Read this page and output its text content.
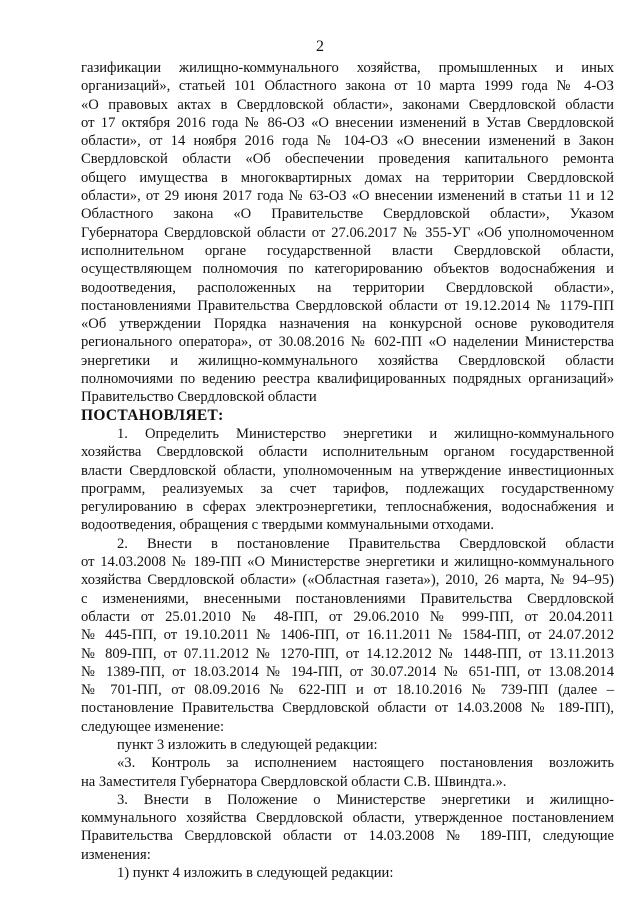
2
газификации жилищно-коммунального хозяйства, промышленных и иных
организаций», статьей 101 Областного закона от 10 марта 1999 года № 4-ОЗ
«О правовых актах в Свердловской области», законами Свердловской области
от 17 октября 2016 года № 86-ОЗ «О внесении изменений в Устав Свердловской
области», от 14 ноября 2016 года № 104-ОЗ «О внесении изменений в Закон
Свердловской области «Об обеспечении проведения капитального ремонта
общего имущества в многоквартирных домах на территории Свердловской
области», от 29 июня 2017 года № 63-ОЗ «О внесении изменений в статьи 11 и 12
Областного закона «О Правительстве Свердловской области», Указом
Губернатора Свердловской области от 27.06.2017 № 355-УГ «Об уполномоченном
исполнительном органе государственной власти Свердловской области,
осуществляющем полномочия по категорированию объектов водоснабжения и
водоотведения, расположенных на территории Свердловской области»,
постановлениями Правительства Свердловской области от 19.12.2014 № 1179-ПП
«Об утверждении Порядка назначения на конкурсной основе руководителя
регионального оператора», от 30.08.2016 № 602-ПП «О наделении Министерства
энергетики и жилищно-коммунального хозяйства Свердловской области
полномочиями по ведению реестра квалифицированных подрядных организаций»
Правительство Свердловской области
ПОСТАНОВЛЯЕТ:
1. Определить Министерство энергетики и жилищно-коммунального
хозяйства Свердловской области исполнительным органом государственной
власти Свердловской области, уполномоченным на утверждение инвестиционных
программ, реализуемых за счет тарифов, подлежащих государственному
регулированию в сферах электроэнергетики, теплоснабжения, водоснабжения и
водоотведения, обращения с твердыми коммунальными отходами.
2. Внести в постановление Правительства Свердловской области
от 14.03.2008 № 189-ПП «О Министерстве энергетики и жилищно-коммунального
хозяйства Свердловской области» («Областная газета»), 2010, 26 марта, № 94–95)
с изменениями, внесенными постановлениями Правительства Свердловской
области от 25.01.2010 № 48-ПП, от 29.06.2010 № 999-ПП, от 20.04.2011
№ 445-ПП, от 19.10.2011 № 1406-ПП, от 16.11.2011 № 1584-ПП, от 24.07.2012
№ 809-ПП, от 07.11.2012 № 1270-ПП, от 14.12.2012 № 1448-ПП, от 13.11.2013
№ 1389-ПП, от 18.03.2014 № 194-ПП, от 30.07.2014 № 651-ПП, от 13.08.2014
№ 701-ПП, от 08.09.2016 № 622-ПП и от 18.10.2016 № 739-ПП (далее –
постановление Правительства Свердловской области от 14.03.2008 № 189-ПП),
следующее изменение:
пункт 3 изложить в следующей редакции:
«3. Контроль за исполнением настоящего постановления возложить
на Заместителя Губернатора Свердловской области С.В. Швиндта.».
3. Внести в Положение о Министерстве энергетики и жилищно-
коммунального хозяйства Свердловской области, утвержденное постановлением
Правительства Свердловской области от 14.03.2008 № 189-ПП, следующие
изменения:
1) пункт 4 изложить в следующей редакции:
